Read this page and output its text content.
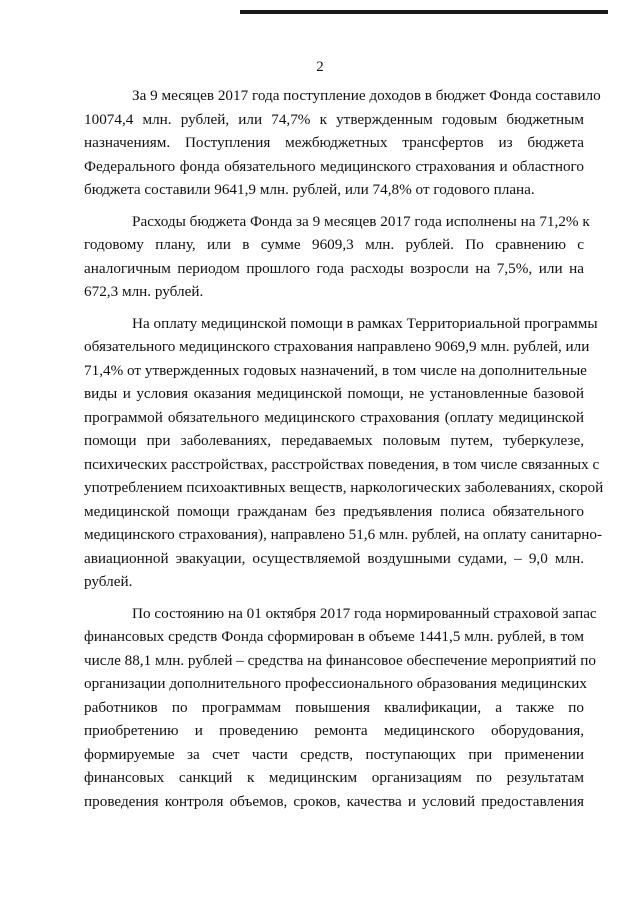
2
За 9 месяцев 2017 года поступление доходов в бюджет Фонда составило
10074,4 млн. рублей, или 74,7% к утвержденным годовым бюджетным
назначениям. Поступления межбюджетных трансфертов из бюджета
Федерального фонда обязательного медицинского страхования и областного
бюджета составили 9641,9 млн. рублей, или 74,8% от годового плана.
Расходы бюджета Фонда за 9 месяцев 2017 года исполнены на 71,2% к
годовому плану, или в сумме 9609,3 млн. рублей. По сравнению с
аналогичным периодом прошлого года расходы возросли на 7,5%, или на
672,3 млн. рублей.
На оплату медицинской помощи в рамках Территориальной программы
обязательного медицинского страхования направлено 9069,9 млн. рублей, или
71,4% от утвержденных годовых назначений, в том числе на дополнительные
виды и условия оказания медицинской помощи, не установленные базовой
программой обязательного медицинского страхования (оплату медицинской
помощи при заболеваниях, передаваемых половым путем, туберкулезе,
психических расстройствах, расстройствах поведения, в том числе связанных с
употреблением психоактивных веществ, наркологических заболеваниях, скорой
медицинской помощи гражданам без предъявления полиса обязательного
медицинского страхования), направлено 51,6 млн. рублей, на оплату санитарно-
авиационной эвакуации, осуществляемой воздушными судами, – 9,0 млн.
рублей.
По состоянию на 01 октября 2017 года нормированный страховой запас
финансовых средств Фонда сформирован в объеме 1441,5 млн. рублей, в том
числе 88,1 млн. рублей – средства на финансовое обеспечение мероприятий по
организации дополнительного профессионального образования медицинских
работников по программам повышения квалификации, а также по
приобретению и проведению ремонта медицинского оборудования,
формируемые за счет части средств, поступающих при применении
финансовых санкций к медицинским организациям по результатам
проведения контроля объемов, сроков, качества и условий предоставления
